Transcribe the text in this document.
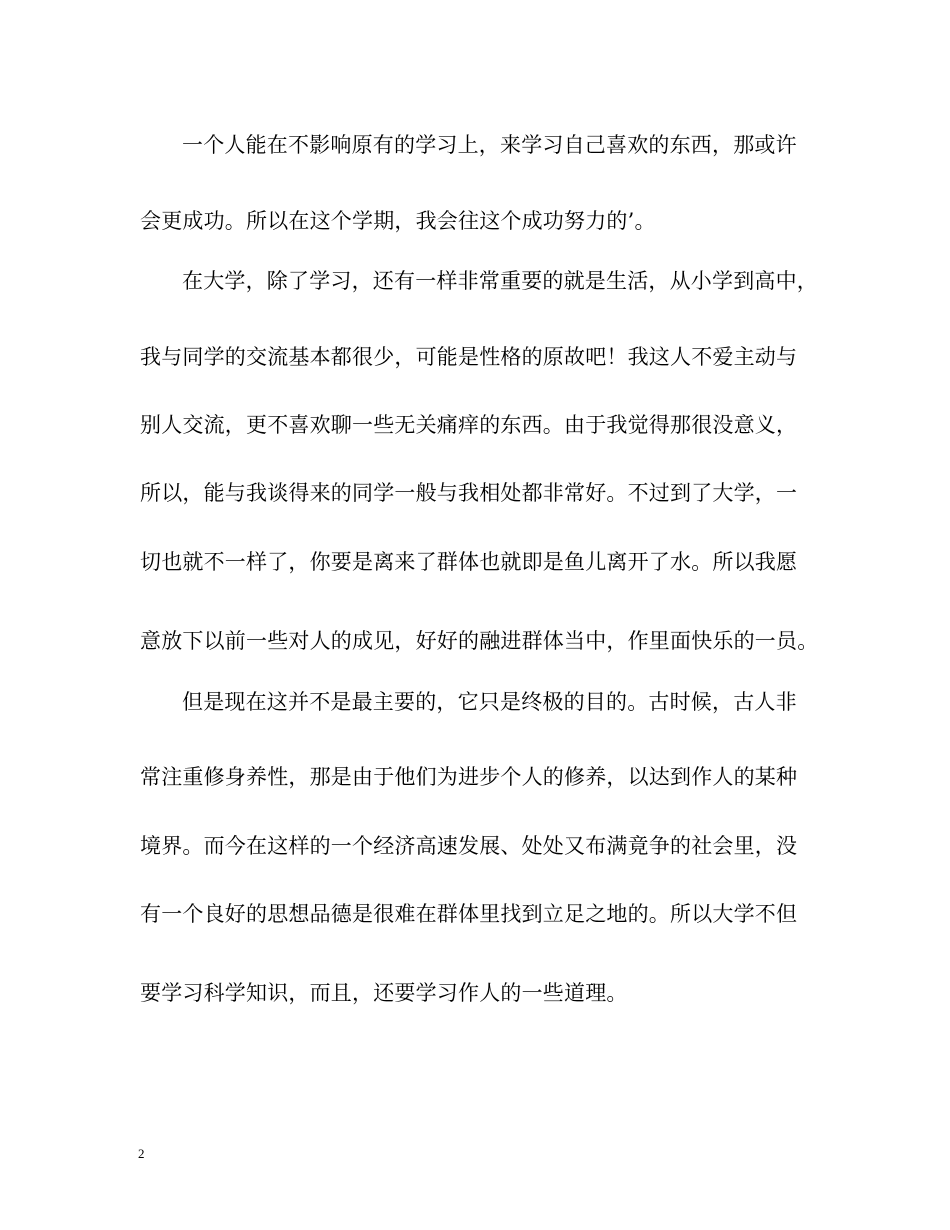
一个人能在不影响原有的学习上，来学习自己喜欢的东西，那或许
会更成功。所以在这个学期，我会往这个成功努力的’。
在大学，除了学习，还有一样非常重要的就是生活，从小学到高中，
我与同学的交流基本都很少，可能是性格的原故吧！我这人不爱主动与
别人交流，更不喜欢聊一些无关痛痒的东西。由于我觉得那很没意义，
所以，能与我谈得来的同学一般与我相处都非常好。不过到了大学，一
切也就不一样了，你要是离来了群体也就即是鱼儿离开了水。所以我愿
意放下以前一些对人的成见，好好的融进群体当中，作里面快乐的一员。
但是现在这并不是最主要的，它只是终极的目的。古时候，古人非
常注重修身养性，那是由于他们为进步个人的修养，以达到作人的某种
境界。而今在这样的一个经济高速发展、处处又布满竟争的社会里，没
有一个良好的思想品德是很难在群体里找到立足之地的。所以大学不但
要学习科学知识，而且，还要学习作人的一些道理。
2
